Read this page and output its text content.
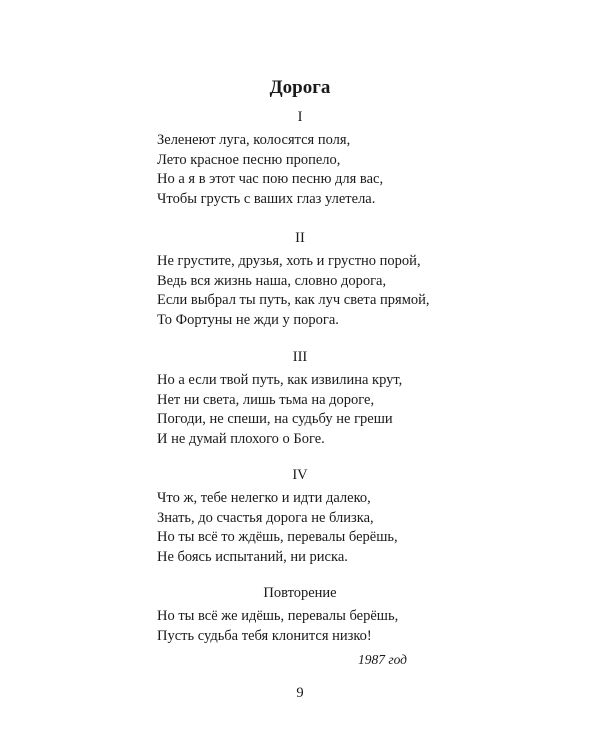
Дорога
I
Зеленеют луга, колосятся поля,
Лето красное песню пропело,
Но а я в этот час пою песню для вас,
Чтобы грусть с ваших глаз улетела.
II
Не грустите, друзья, хоть и грустно порой,
Ведь вся жизнь наша, словно дорога,
Если выбрал ты путь, как луч света прямой,
То Фортуны не жди у порога.
III
Но а если твой путь, как извилина крут,
Нет ни света, лишь тьма на дороге,
Погоди, не спеши, на судьбу не греши
И не думай плохого о Боге.
IV
Что ж, тебе нелегко и идти далеко,
Знать, до счастья дорога не близка,
Но ты всё то ждёшь, перевалы берёшь,
Не боясь испытаний, ни риска.
Повторение
Но ты всё же идёшь, перевалы берёшь,
Пусть судьба тебя клонится низко!
1987 год
9
